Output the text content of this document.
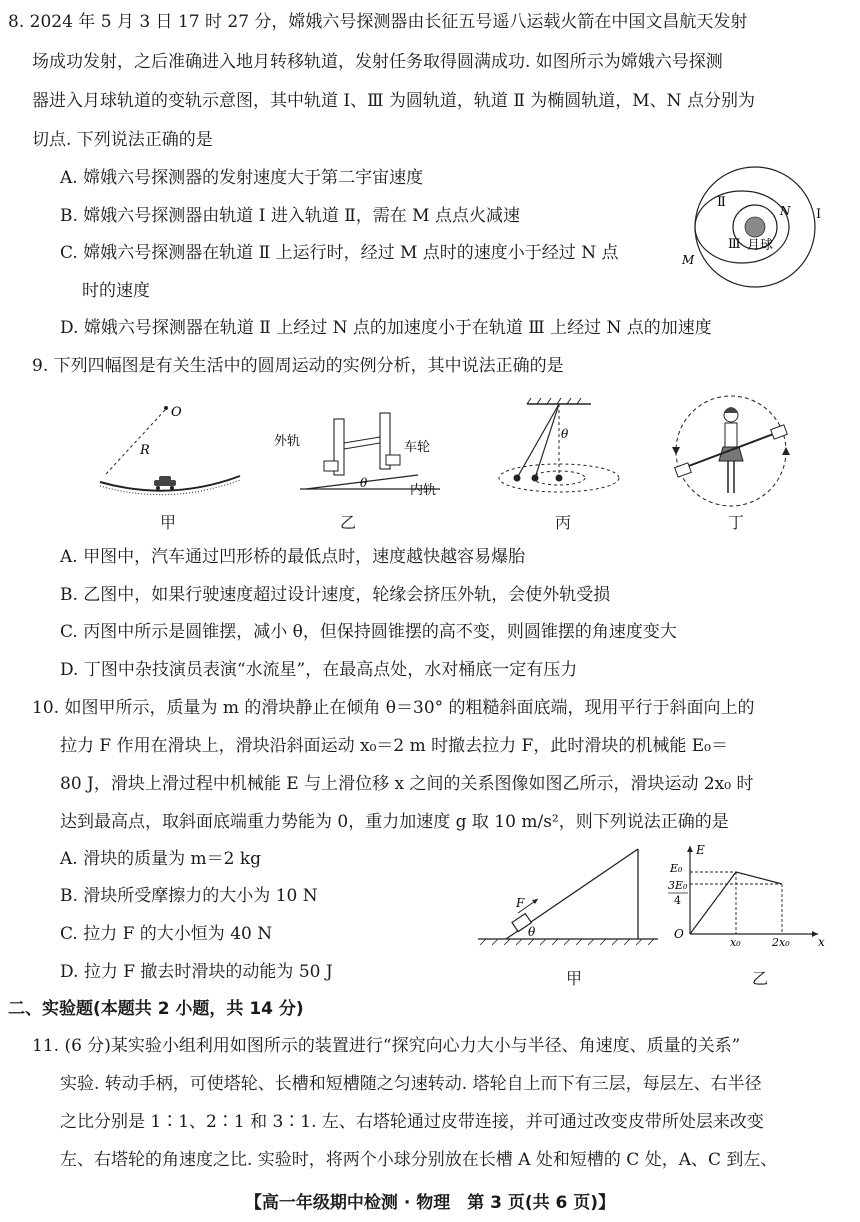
8. 2024 年 5 月 3 日 17 时 27 分，嫦娥六号探测器由长征五号遥八运载火箭在中国文昌航天发射
场成功发射，之后准确进入地月转移轨道，发射任务取得圆满成功. 如图所示为嫦娥六号探测
器进入月球轨道的变轨示意图，其中轨道 Ⅰ、Ⅲ 为圆轨道，轨道 Ⅱ 为椭圆轨道，M、N 点分别为
切点. 下列说法正确的是
A. 嫦娥六号探测器的发射速度大于第二宇宙速度
B. 嫦娥六号探测器由轨道 Ⅰ 进入轨道 Ⅱ，需在 M 点点火减速
C. 嫦娥六号探测器在轨道 Ⅱ 上运行时，经过 M 点时的速度小于经过 N 点
时的速度
D. 嫦娥六号探测器在轨道 Ⅱ 上经过 N 点的加速度小于在轨道 Ⅲ 上经过 N 点的加速度
Ⅰ
Ⅱ
Ⅲ
N
M
月球
9. 下列四幅图是有关生活中的圆周运动的实例分析，其中说法正确的是
O
R
甲
外轨	车轮
内轨
θ
乙
θ
丙	丁
A. 甲图中，汽车通过凹形桥的最低点时，速度越快越容易爆胎
B. 乙图中，如果行驶速度超过设计速度，轮缘会挤压外轨，会使外轨受损
C. 丙图中所示是圆锥摆，减小 θ，但保持圆锥摆的高不变，则圆锥摆的角速度变大
D. 丁图中杂技演员表演“水流星”，在最高点处，水对桶底一定有压力
10. 如图甲所示，质量为 m 的滑块静止在倾角 θ＝30° 的粗糙斜面底端，现用平行于斜面向上的
拉力 F 作用在滑块上，滑块沿斜面运动 x₀＝2 m 时撤去拉力 F，此时滑块的机械能 E₀＝
80 J，滑块上滑过程中机械能 E 与上滑位移 x 之间的关系图像如图乙所示，滑块运动 2x₀ 时
达到最高点，取斜面底端重力势能为 0，重力加速度 g 取 10 m/s²，则下列说法正确的是
A. 滑块的质量为 m＝2 kg
B. 滑块所受摩擦力的大小为 10 N
C. 拉力 F 的大小恒为 40 N
D. 拉力 F 撤去时滑块的动能为 50 J
F
θ
甲
E
E₀
3E₀
4
O
x₀	2x₀ x
乙
二、实验题(本题共 2 小题，共 14 分)
11. (6 分)某实验小组利用如图所示的装置进行“探究向心力大小与半径、角速度、质量的关系”
实验. 转动手柄，可使塔轮、长槽和短槽随之匀速转动. 塔轮自上而下有三层，每层左、右半径
之比分别是 1∶1、2∶1 和 3∶1. 左、右塔轮通过皮带连接，并可通过改变皮带所处层来改变
左、右塔轮的角速度之比. 实验时，将两个小球分别放在长槽 A 处和短槽的 C 处，A、C 到左、
【高一年级期中检测 · 物理　第 3 页(共 6 页)】
